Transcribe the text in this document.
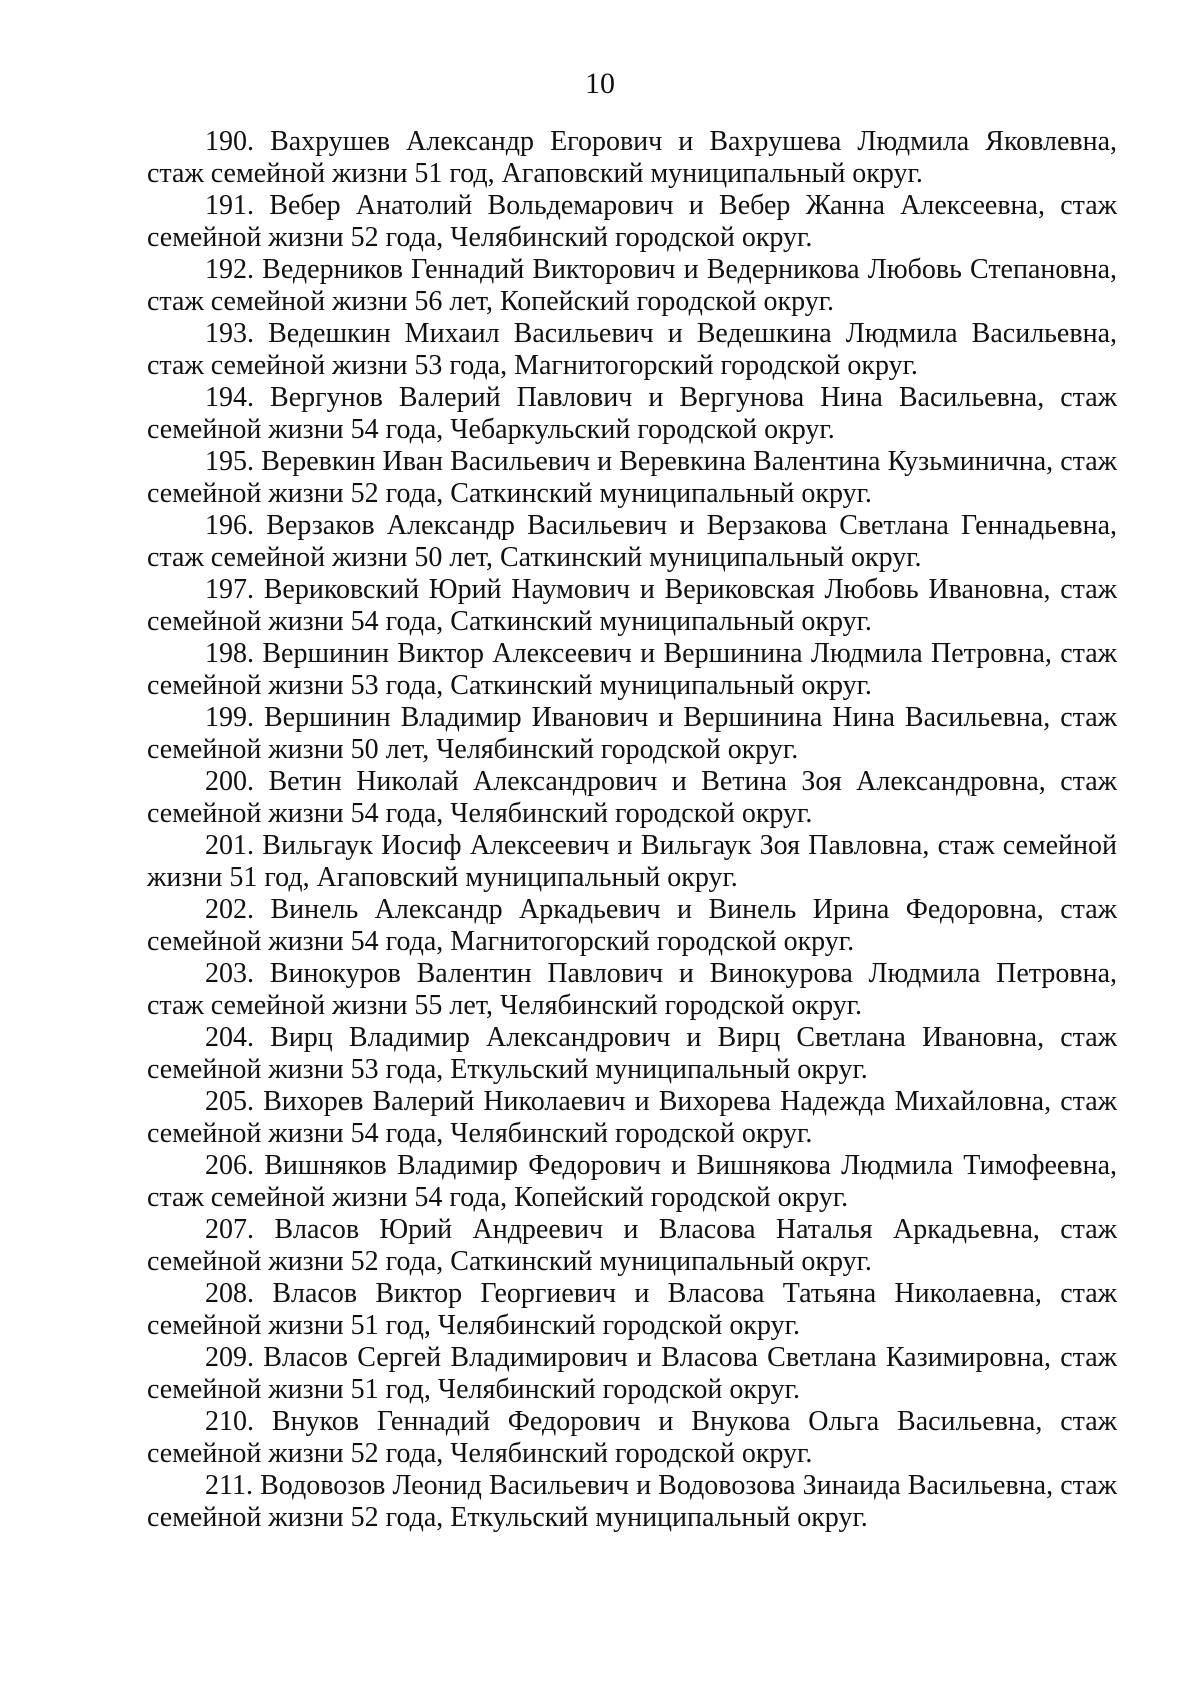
10

190. Вахрушев Александр Егорович и Вахрушева Людмила Яковлевна, стаж семейной жизни 51 год, Агаповский муниципальный округ.

191. Вебер Анатолий Вольдемарович и Вебер Жанна Алексеевна, стаж семейной жизни 52 года, Челябинский городской округ.

192. Ведерников Геннадий Викторович и Ведерникова Любовь Степановна, стаж семейной жизни 56 лет, Копейский городской округ.

193. Ведешкин Михаил Васильевич и Ведешкина Людмила Васильевна, стаж семейной жизни 53 года, Магнитогорский городской округ.

194. Вергунов Валерий Павлович и Вергунова Нина Васильевна, стаж семейной жизни 54 года, Чебаркульский городской округ.

195. Веревкин Иван Васильевич и Веревкина Валентина Кузьминична, стаж семейной жизни 52 года, Саткинский муниципальный округ.

196. Верзаков Александр Васильевич и Верзакова Светлана Геннадьевна, стаж семейной жизни 50 лет, Саткинский муниципальный округ.

197. Вериковский Юрий Наумович и Вериковская Любовь Ивановна, стаж семейной жизни 54 года, Саткинский муниципальный округ.

198. Вершинин Виктор Алексеевич и Вершинина Людмила Петровна, стаж семейной жизни 53 года, Саткинский муниципальный округ.

199. Вершинин Владимир Иванович и Вершинина Нина Васильевна, стаж семейной жизни 50 лет, Челябинский городской округ.

200. Ветин Николай Александрович и Ветина Зоя Александровна, стаж семейной жизни 54 года, Челябинский городской округ.

201. Вильгаук Иосиф Алексеевич и Вильгаук Зоя Павловна, стаж семейной жизни 51 год, Агаповский муниципальный округ.

202. Винель Александр Аркадьевич и Винель Ирина Федоровна, стаж семейной жизни 54 года, Магнитогорский городской округ.

203. Винокуров Валентин Павлович и Винокурова Людмила Петровна, стаж семейной жизни 55 лет, Челябинский городской округ.

204. Вирц Владимир Александрович и Вирц Светлана Ивановна, стаж семейной жизни 53 года, Еткульский муниципальный округ.

205. Вихорев Валерий Николаевич и Вихорева Надежда Михайловна, стаж семейной жизни 54 года, Челябинский городской округ.

206. Вишняков Владимир Федорович и Вишнякова Людмила Тимофеевна, стаж семейной жизни 54 года, Копейский городской округ.

207. Власов Юрий Андреевич и Власова Наталья Аркадьевна, стаж семейной жизни 52 года, Саткинский муниципальный округ.

208. Власов Виктор Георгиевич и Власова Татьяна Николаевна, стаж семейной жизни 51 год, Челябинский городской округ.

209. Власов Сергей Владимирович и Власова Светлана Казимировна, стаж семейной жизни 51 год, Челябинский городской округ.

210. Внуков Геннадий Федорович и Внукова Ольга Васильевна, стаж семейной жизни 52 года, Челябинский городской округ.

211. Водовозов Леонид Васильевич и Водовозова Зинаида Васильевна, стаж семейной жизни 52 года, Еткульский муниципальный округ.
